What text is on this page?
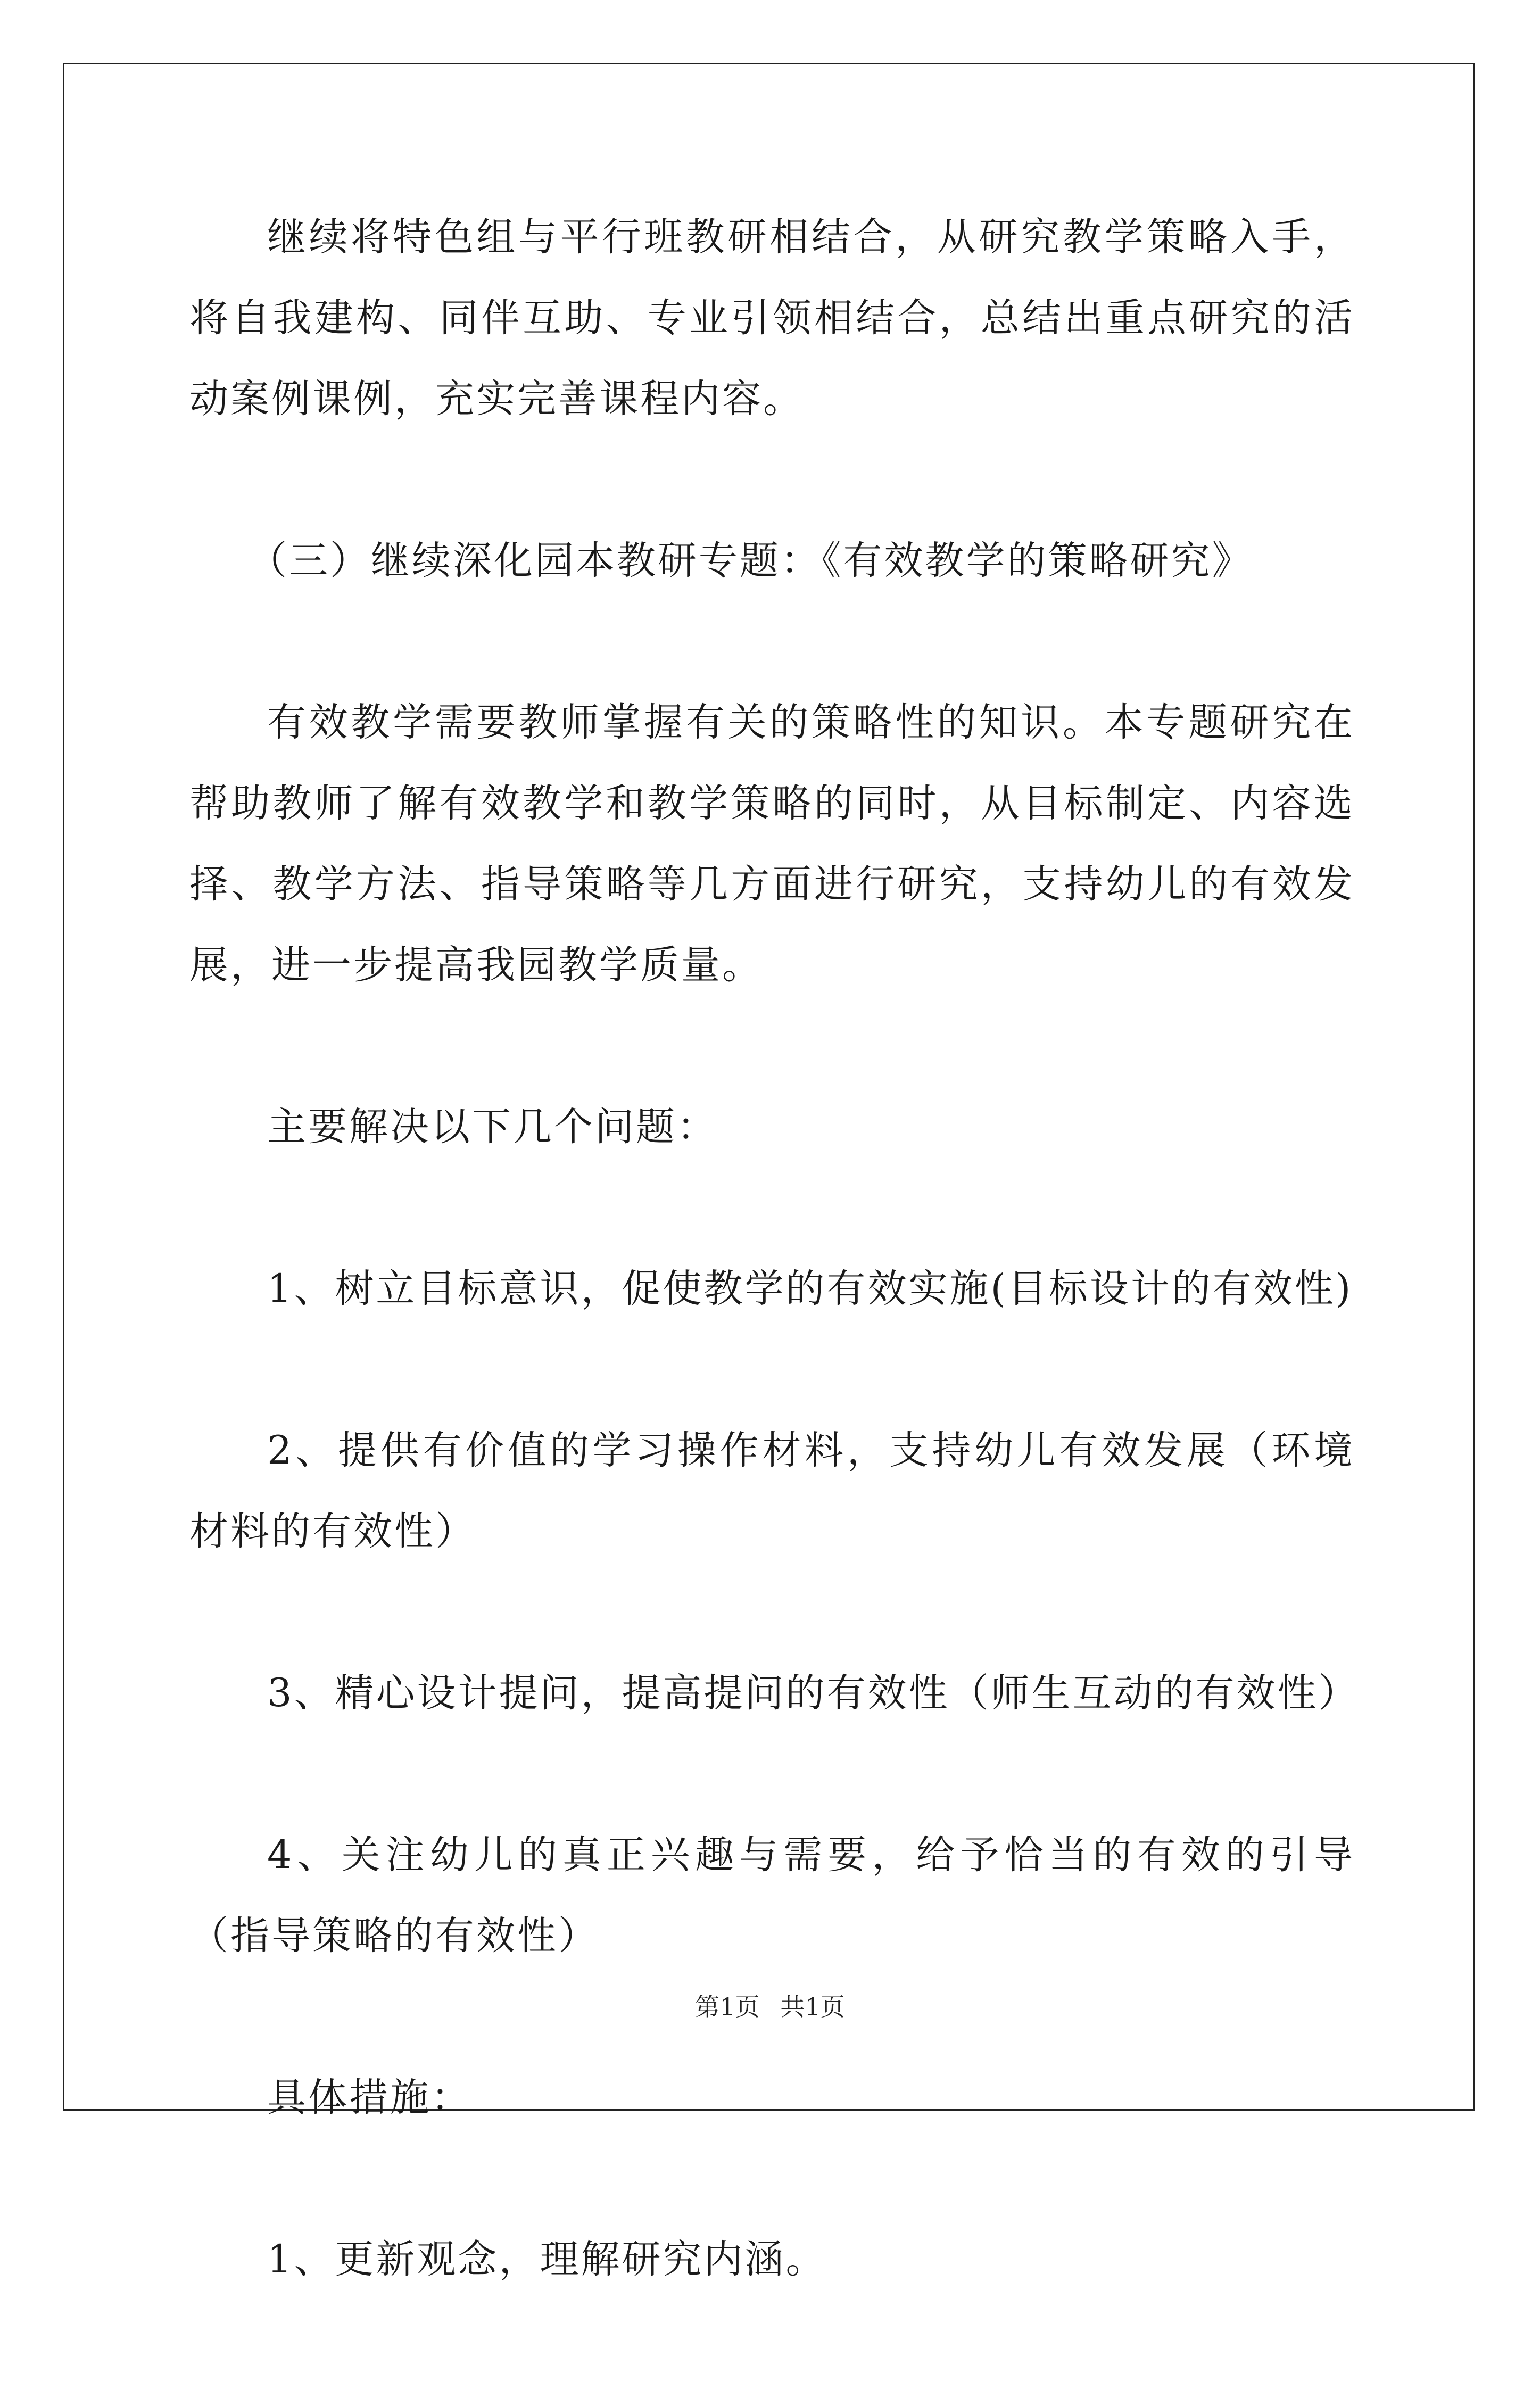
继续将特色组与平行班教研相结合，从研究教学策略入手，将自我建构、同伴互助、专业引领相结合，总结出重点研究的活动案例课例，充实完善课程内容。

（三）继续深化园本教研专题：《有效教学的策略研究》

有效教学需要教师掌握有关的策略性的知识。本专题研究在帮助教师了解有效教学和教学策略的同时，从目标制定、内容选择、教学方法、指导策略等几方面进行研究，支持幼儿的有效发展，进一步提高我园教学质量。

主要解决以下几个问题：

1、树立目标意识，促使教学的有效实施(目标设计的有效性)

2、提供有价值的学习操作材料，支持幼儿有效发展（环境材料的有效性）

3、精心设计提问，提高提问的有效性（师生互动的有效性）

4、关注幼儿的真正兴趣与需要，给予恰当的有效的引导（指导策略的有效性）

具体措施：

1、更新观念，理解研究内涵。

第1页 共1页
